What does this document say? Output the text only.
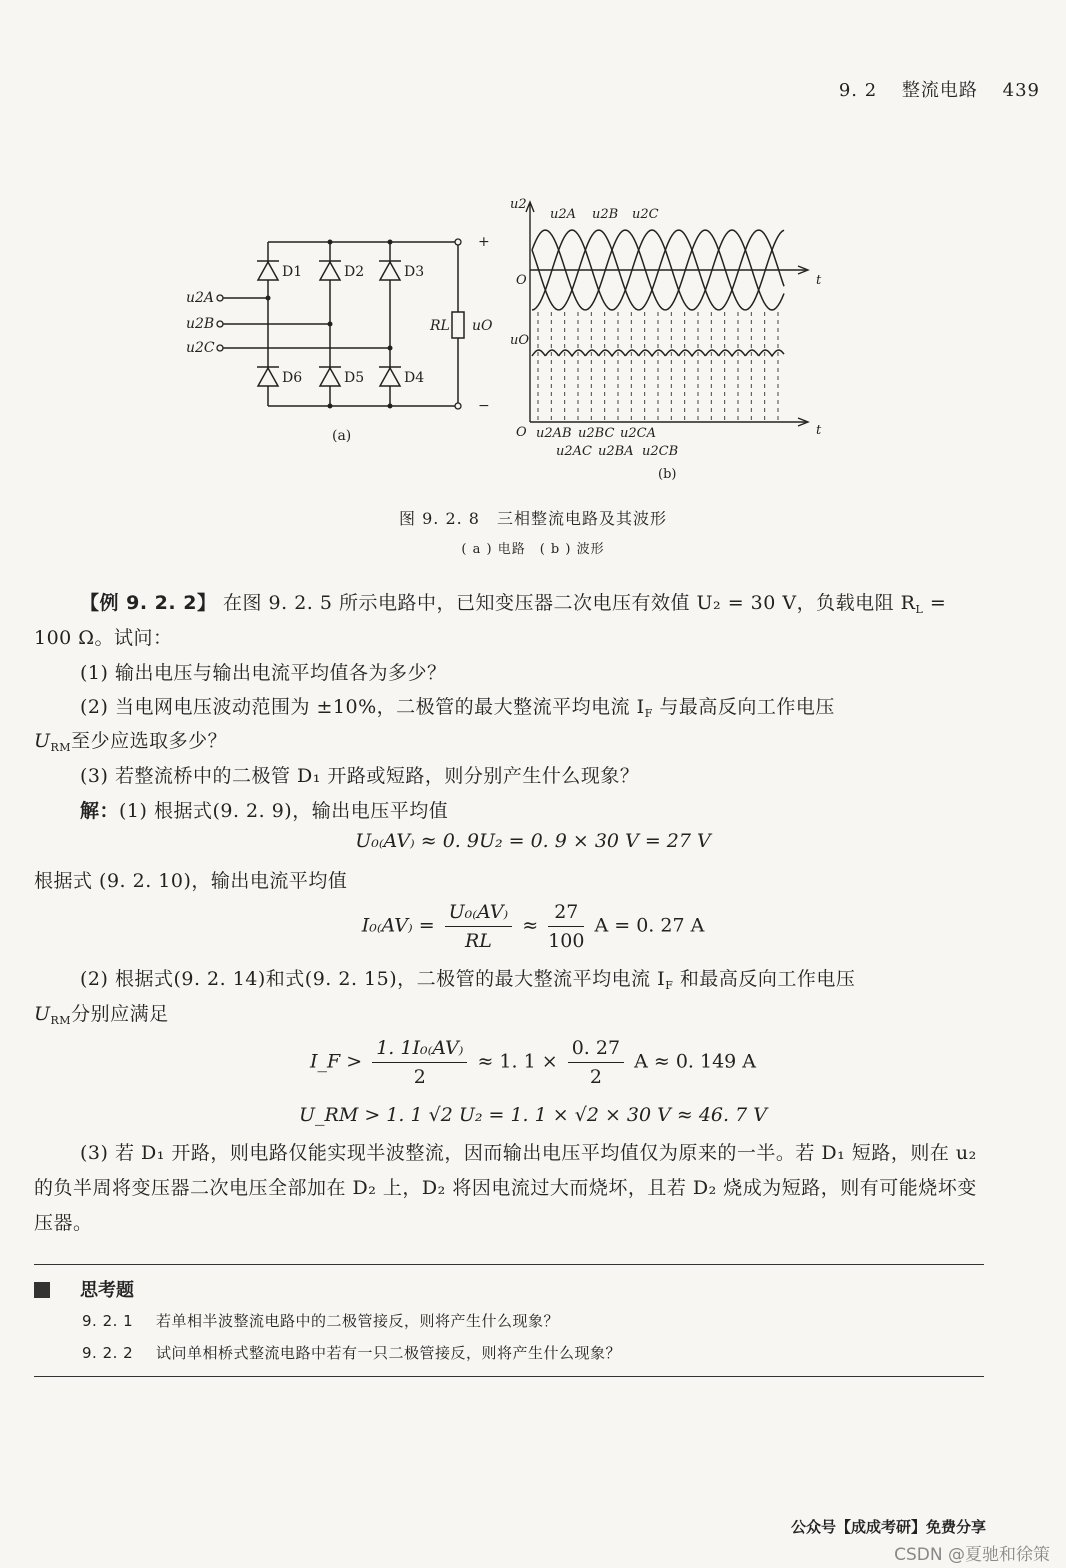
9. 2 整流电路 439
u2A
u2B
u2C
D1	D2	D3
D4
D5
D6
RL uO
+
−
(a)
u2
uO
O
O
t
t
u2A u2B u2C
u2AB u2BC u2CA
u2AC u2BA u2CB
(b)
图 9. 2. 8　三相整流电路及其波形
( a ) 电路　( b ) 波形
【例 9. 2. 2】 在图 9. 2. 5 所示电路中，已知变压器二次电压有效值 U₂ = 30 V，负载电阻 $R_L$ =
100 Ω。试问：
(1) 输出电压与输出电流平均值各为多少？
(2) 当电网电压波动范围为 ±10%，二极管的最大整流平均电流 $I_F$ 与最高反向工作电压
$U_{RM}$至少应选取多少？
(3) 若整流桥中的二极管 D₁ 开路或短路，则分别产生什么现象？
解：(1) 根据式(9. 2. 9)，输出电压平均值
U₀₍AV₎ ≈ 0. 9U₂ = 0. 9 × 30 V = 27 V
根据式 (9. 2. 10)，输出电流平均值
$I_{0(}AV_) = \frac{\text{U₀₍AV₎}}{RL} \approx \frac{27}{100}$ A = 0. 27 A
(2) 根据式(9. 2. 14)和式(9. 2. 15)，二极管的最大整流平均电流 $I_F$ 和最高反向工作电压
$U_{RM}$分别应满足
I_F > $\frac{\text{1. 1I₀₍AV₎}}{2} \approx 1$. $1 \times \frac{0. 27}{2}$ A ≈ 0. 149 A
U_RM > 1. 1 √2 U₂ = 1. 1 × √2 × 30 V ≈ 46. 7 V
(3) 若 D₁ 开路，则电路仅能实现半波整流，因而输出电压平均值仅为原来的一半。若 D₁ 短路，则在 u₂ 的负半周将变压器二次电压全部加在 D₂ 上，D₂ 将因电流过大而烧坏，且若 D₂ 烧成为短路，则有可能烧坏变压器。
思考题
9. 2. 1 若单相半波整流电路中的二极管接反，则将产生什么现象？
9. 2. 2 试问单相桥式整流电路中若有一只二极管接反，则将产生什么现象？
公众号【成成考研】免费分享
CSDN @夏驰和徐策
